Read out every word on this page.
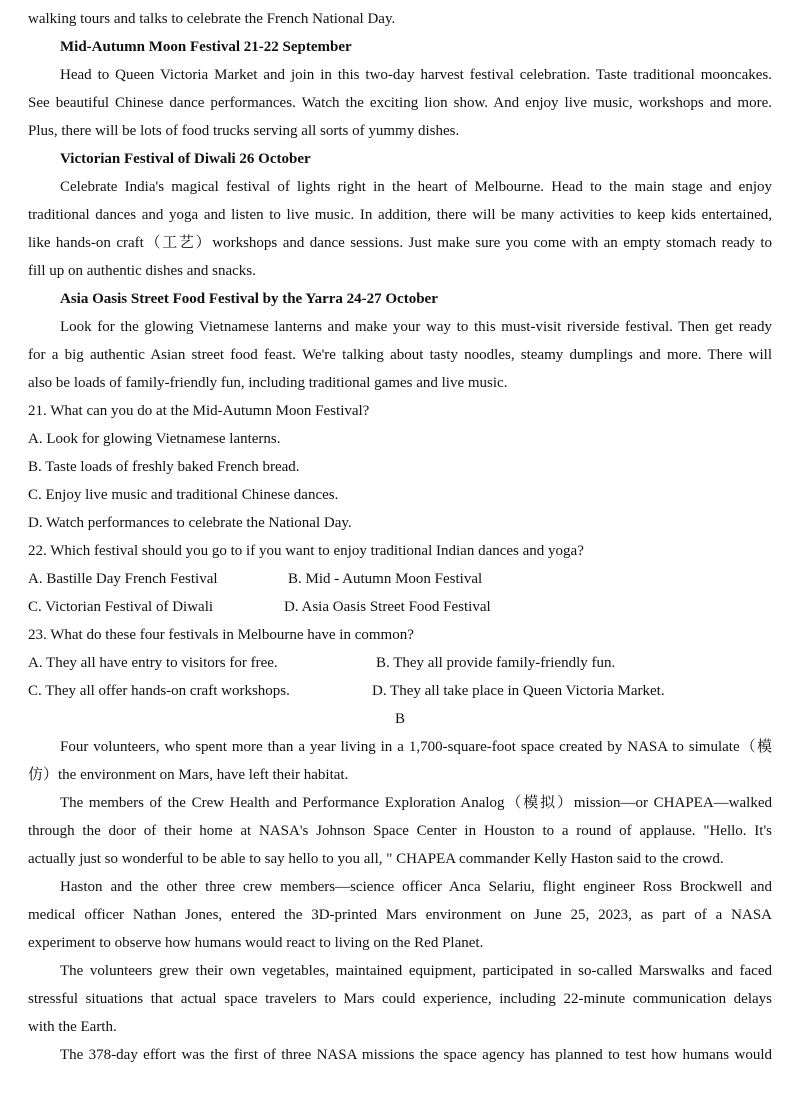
walking tours and talks to celebrate the French National Day.
Mid-Autumn Moon Festival 21-22 September
Head to Queen Victoria Market and join in this two-day harvest festival celebration. Taste traditional mooncakes.
See beautiful Chinese dance performances. Watch the exciting lion show. And enjoy live music, workshops and more.
Plus, there will be lots of food trucks serving all sorts of yummy dishes.
Victorian Festival of Diwali 26 October
Celebrate India's magical festival of lights right in the heart of Melbourne. Head to the main stage and enjoy
traditional dances and yoga and listen to live music. In addition, there will be many activities to keep kids entertained,
like hands-on craft（工艺）workshops and dance sessions. Just make sure you come with an empty stomach ready to
fill up on authentic dishes and snacks.
Asia Oasis Street Food Festival by the Yarra 24-27 October
Look for the glowing Vietnamese lanterns and make your way to this must-visit riverside festival. Then get ready
for a big authentic Asian street food feast. We're talking about tasty noodles, steamy dumplings and more. There will
also be loads of family-friendly fun, including traditional games and live music.
21. What can you do at the Mid-Autumn Moon Festival?
A. Look for glowing Vietnamese lanterns.
B. Taste loads of freshly baked French bread.
C. Enjoy live music and traditional Chinese dances.
D. Watch performances to celebrate the National Day.
22. Which festival should you go to if you want to enjoy traditional Indian dances and yoga?
A. Bastille Day French Festival	B. Mid - Autumn Moon Festival
C. Victorian Festival of Diwali	D. Asia Oasis Street Food Festival
23. What do these four festivals in Melbourne have in common?
A. They all have entry to visitors for free.	B. They all provide family-friendly fun.
C. They all offer hands-on craft workshops.	D. They all take place in Queen Victoria Market.
B
Four volunteers, who spent more than a year living in a 1,700-square-foot space created by NASA to simulate（模
仿）the environment on Mars, have left their habitat.
The members of the Crew Health and Performance Exploration Analog（模拟）mission—or CHAPEA—walked
through the door of their home at NASA's Johnson Space Center in Houston to a round of applause. "Hello. It's
actually just so wonderful to be able to say hello to you all, " CHAPEA commander Kelly Haston said to the crowd.
Haston and the other three crew members—science officer Anca Selariu, flight engineer Ross Brockwell and
medical officer Nathan Jones, entered the 3D-printed Mars environment on June 25, 2023, as part of a NASA
experiment to observe how humans would react to living on the Red Planet.
The volunteers grew their own vegetables, maintained equipment, participated in so-called Marswalks and faced
stressful situations that actual space travelers to Mars could experience, including 22-minute communication delays
with the Earth.
The 378-day effort was the first of three NASA missions the space agency has planned to test how humans would
